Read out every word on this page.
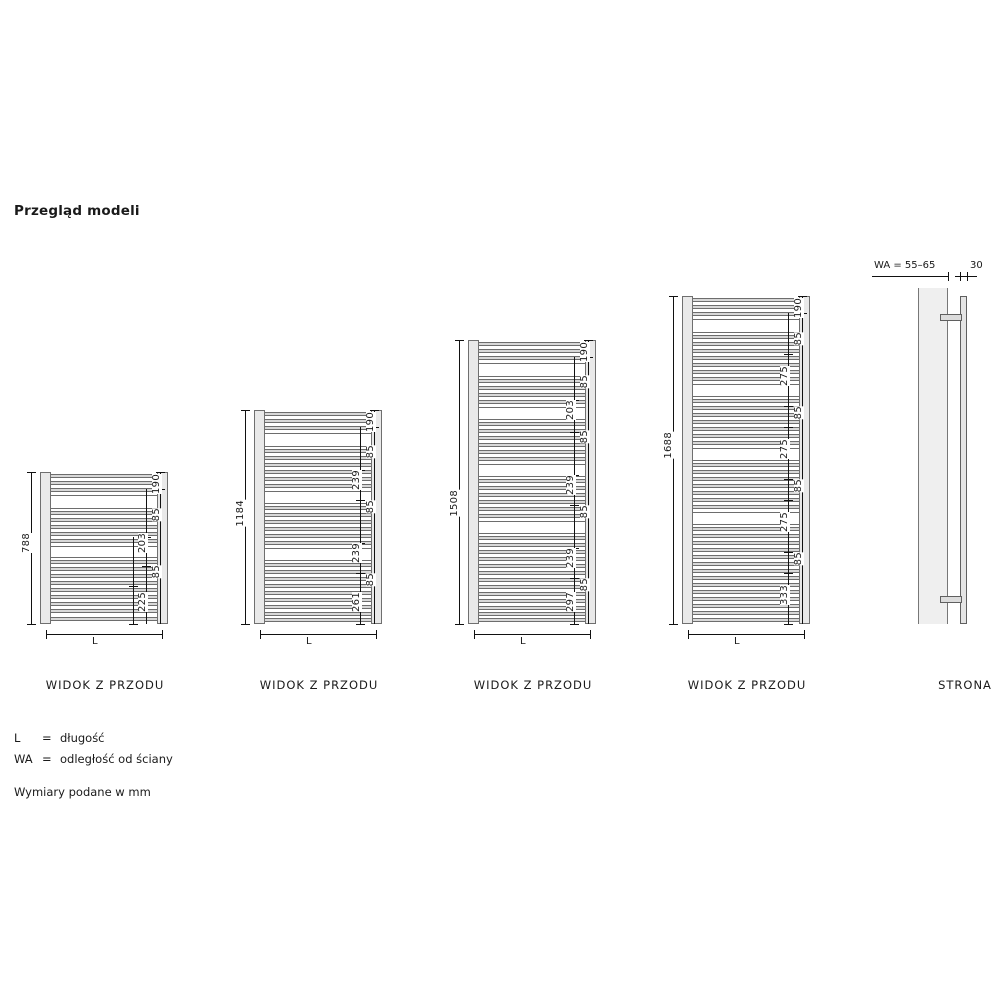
Przegląd modeli
788
190
85
203
85
225
L
WIDOK Z PRZODU
1184
190
85
239
85
239
85
261
L
WIDOK Z PRZODU
1508
190
85
203
85
239
85
239
85
297
L
WIDOK Z PRZODU
1688
190
85
275
85
275
85
275
85
333
L
WIDOK Z PRZODU
WA = 55–65	30
STRONA
L = długość
WA = odległość od ściany
Wymiary podane w mm
